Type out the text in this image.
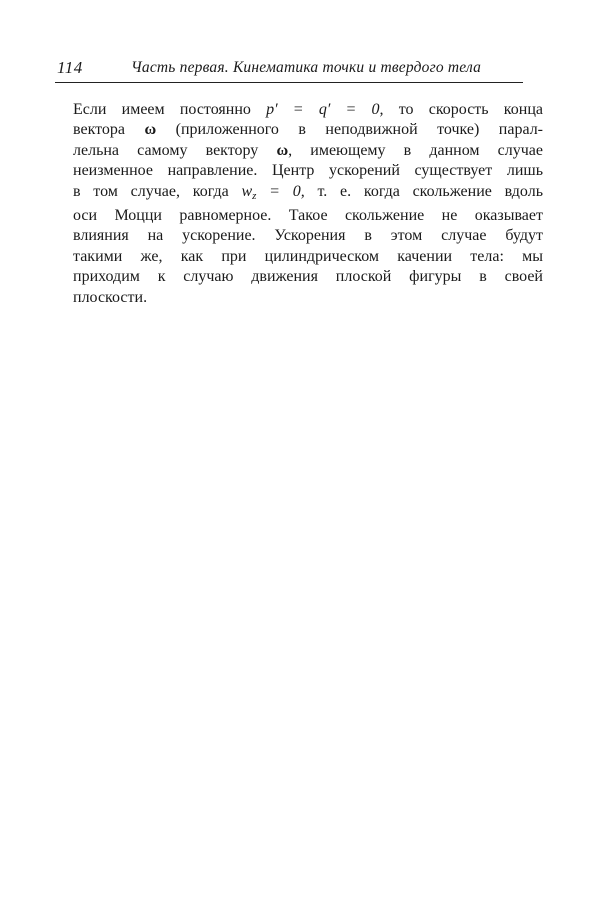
114	Часть первая. Кинематика точки и твердого тела
Если имеем постоянно p′ = q′ = 0, то скорость конца
вектора ω (приложенного в неподвижной точке) парал-
лельна самому вектору ω, имеющему в данном случае
неизменное направление. Центр ускорений существует лишь
в том случае, когда $w_z = 0$, т. е. когда скольжение вдоль
оси Моцци равномерное. Такое скольжение не оказывает
влияния на ускорение. Ускорения в этом случае будут
такими же, как при цилиндрическом качении тела: мы
приходим к случаю движения плоской фигуры в своей
плоскости.
